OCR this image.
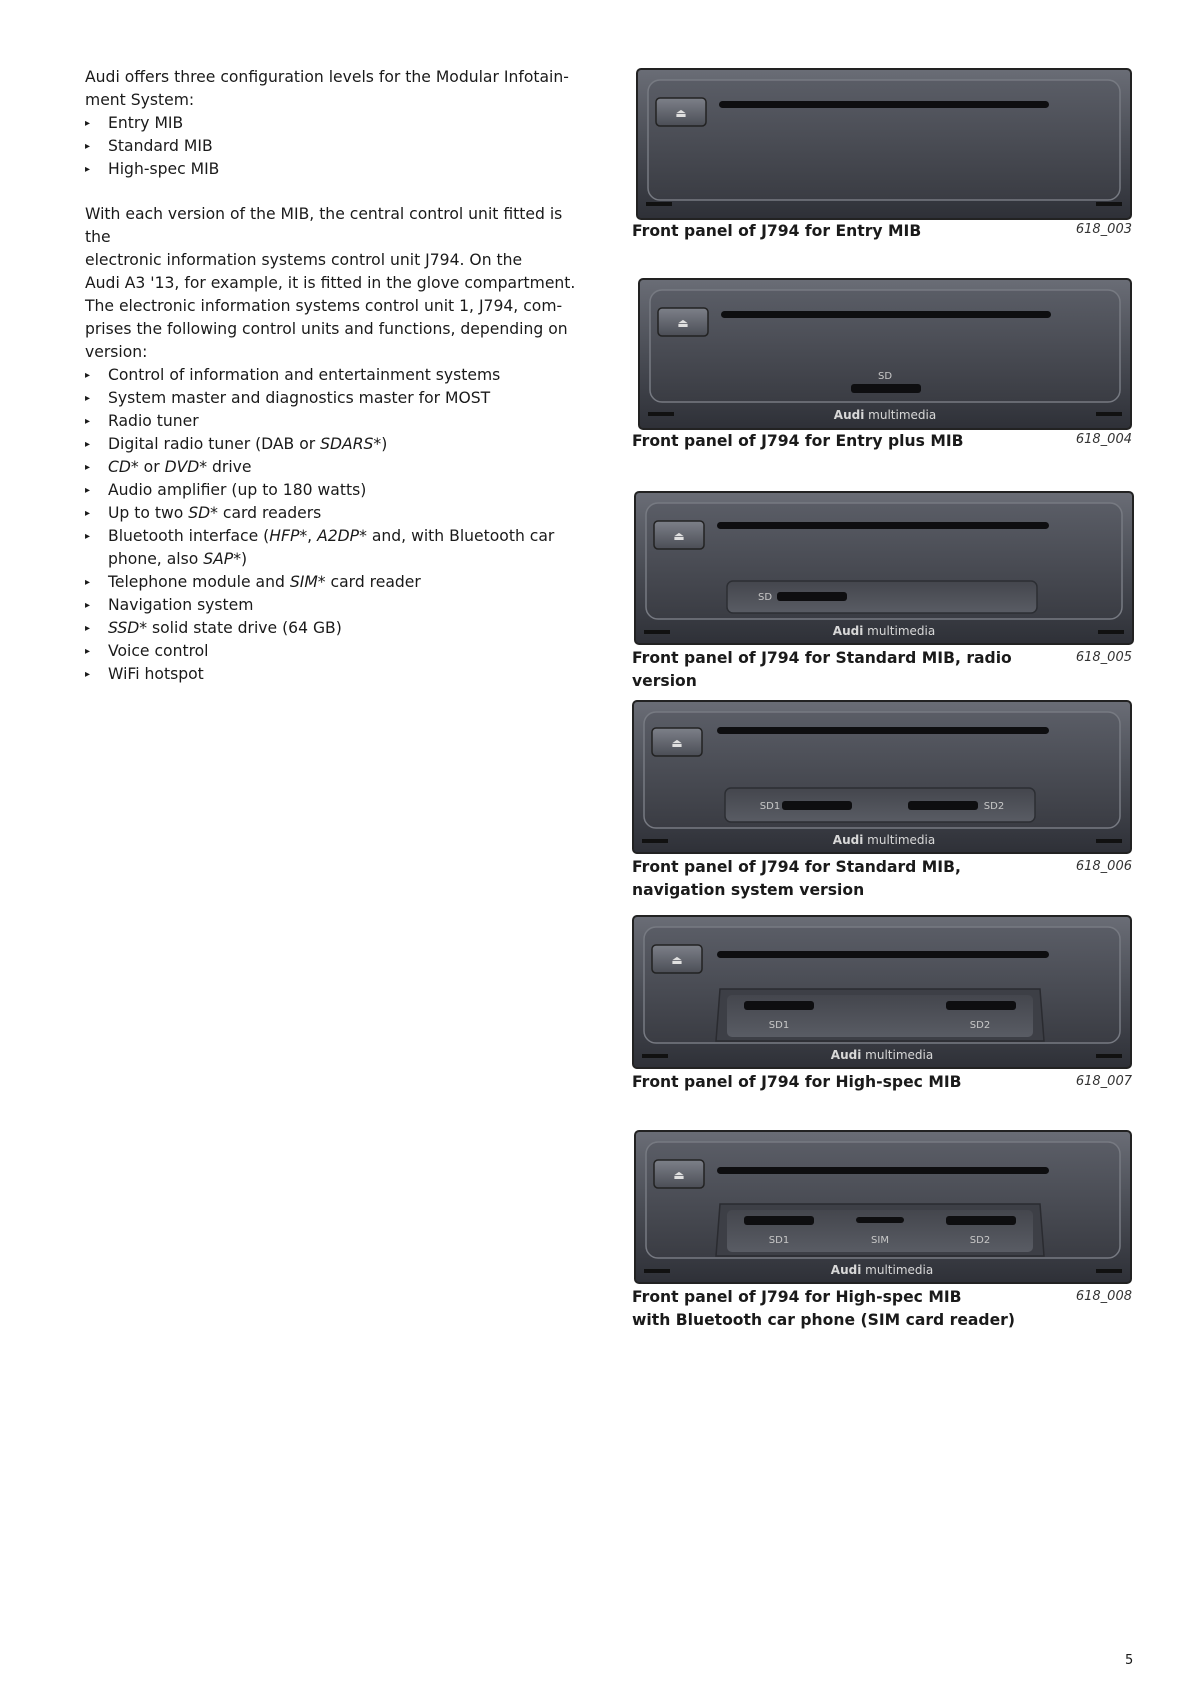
Audi offers three configuration levels for the Modular Infotain-
ment System:

▸ Entry MIB
▸ Standard MIB
▸ High-spec MIB

With each version of the MIB, the central control unit fitted is the
electronic information systems control unit J794. On the
Audi A3 '13, for example, it is fitted in the glove compartment.

The electronic information systems control unit 1, J794, com-
prises the following control units and functions, depending on
version:

▸ Control of information and entertainment systems
▸ System master and diagnostics master for MOST
▸ Radio tuner
▸ Digital radio tuner (DAB or SDARS*)
▸ CD* or DVD* drive
▸ Audio amplifier (up to 180 watts)
▸ Up to two SD* card readers
▸ Bluetooth interface (HFP*, A2DP* and, with Bluetooth car
phone, also SAP*)
▸ Telephone module and SIM* card reader
▸ Navigation system
▸ SSD* solid state drive (64 GB)
▸ Voice control
▸ WiFi hotspot
⏏
Front panel of J794 for Entry MIB	618_003
⏏
SD
Audi multimedia
Front panel of J794 for Entry plus MIB	618_004
⏏
SD
Audi multimedia
Front panel of J794 for Standard MIB, radio version
618_005
⏏
SD1	SD2
Audi multimedia
Front panel of J794 for Standard MIB,
navigation system version
618_006
⏏
SD1	SD2
Audi multimedia
Front panel of J794 for High-spec MIB	618_007
⏏
SD1	SIM	SD2
Audi multimedia
Front panel of J794 for High-spec MIB
with Bluetooth car phone (SIM card reader)
618_008
5
